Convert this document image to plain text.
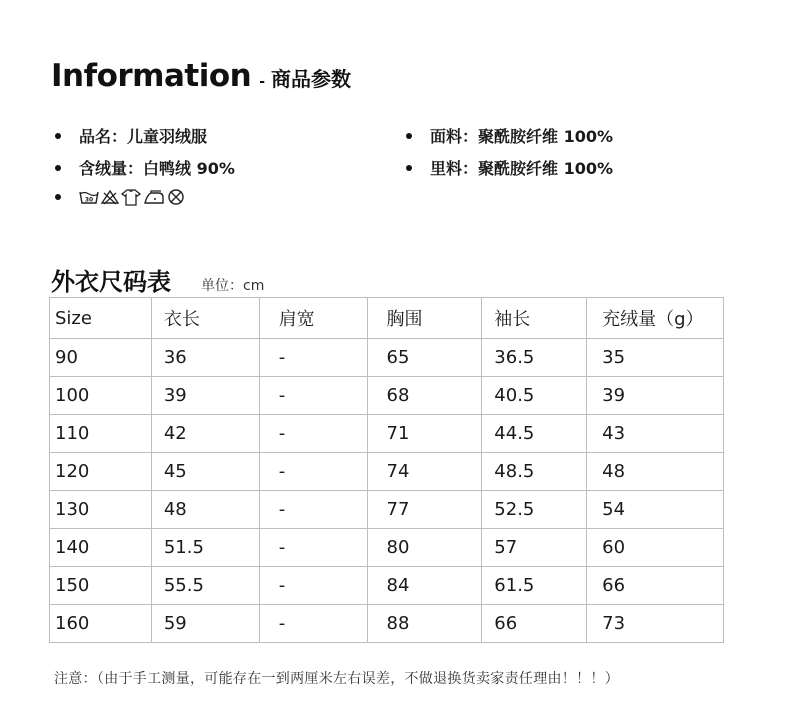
Information - 商品参数
品名：儿童羽绒服	面料：聚酰胺纤维 100%
含绒量：白鸭绒 90%	里料：聚酰胺纤维 100%
30
外衣尺码表 单位：cm
Size	衣长	肩宽	胸围	袖长	充绒量（g）
90	36	-	65	36.5	35
100	39	-	68	40.5	39
110	42	-	71	44.5	43
120	45	-	74	48.5	48
130	48	-	77	52.5	54
140	51.5	-	80	57	60
150	55.5	-	84	61.5	66
160	59	-	88	66	73
注意：（由于手工测量，可能存在一到两厘米左右误差，不做退换货卖家责任理由！！！）
